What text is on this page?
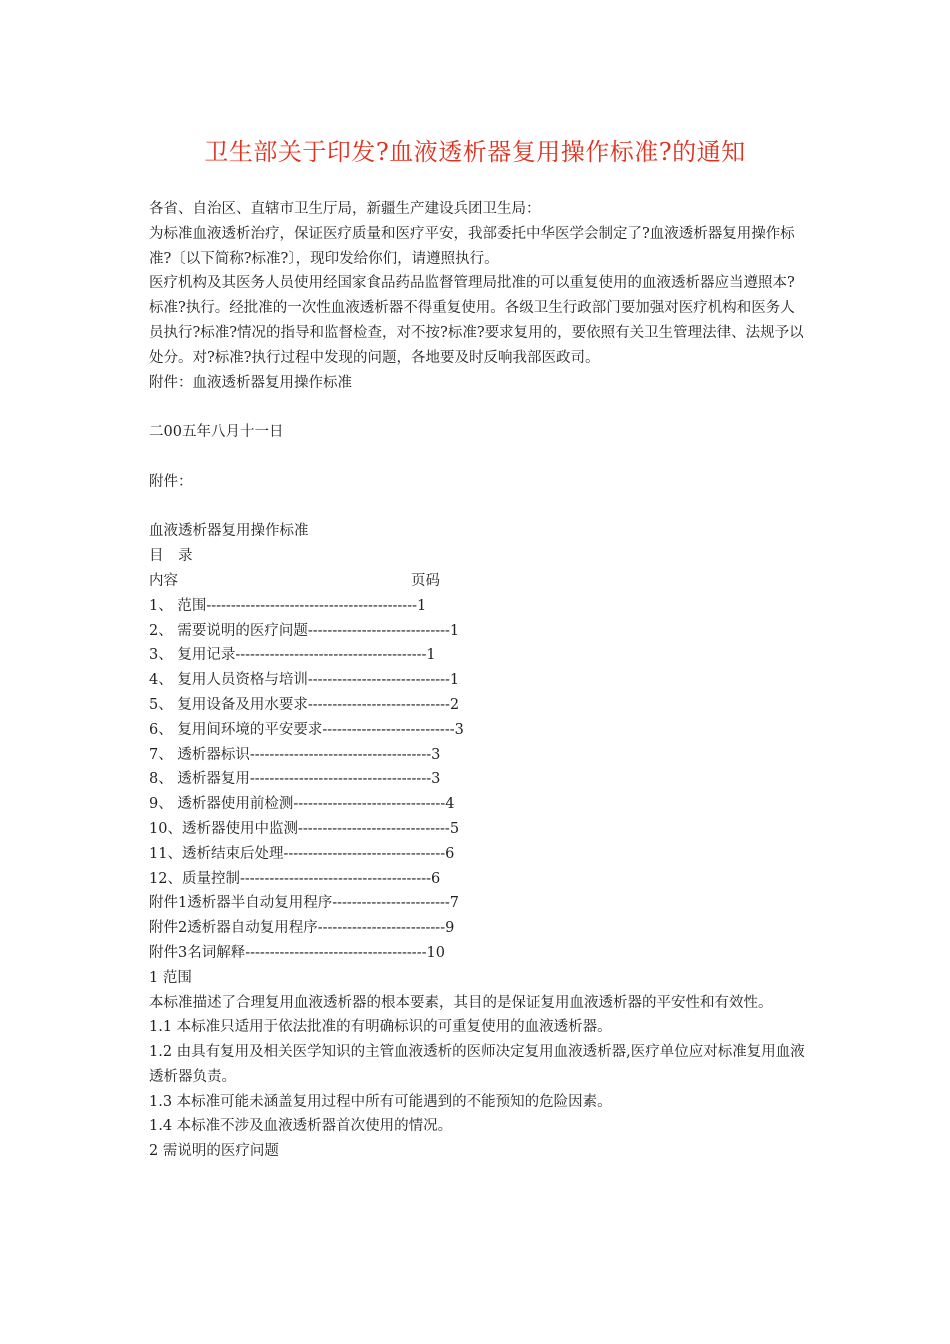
卫生部关于印发?血液透析器复用操作标准?的通知

各省、自治区、直辖市卫生厅局，新疆生产建设兵团卫生局：

为标准血液透析治疗，保证医疗质量和医疗平安，我部委托中华医学会制定了?血液透析器复用操作标准?〔以下简称?标准?〕，现印发给你们，请遵照执行。

医疗机构及其医务人员使用经国家食品药品监督管理局批准的可以重复使用的血液透析器应当遵照本?标准?执行。经批准的一次性血液透析器不得重复使用。各级卫生行政部门要加强对医疗机构和医务人员执行?标准?情况的指导和监督检查，对不按?标准?要求复用的，要依照有关卫生管理法律、法规予以处分。对?标准?执行过程中发现的问题，各地要及时反响我部医政司。

附件：血液透析器复用操作标准

二00五年八月十一日

附件：

血液透析器复用操作标准

目　录

内容	页码

1、 范围-------------------------------------------1

2、 需要说明的医疗问题-----------------------------1

3、 复用记录---------------------------------------1

4、 复用人员资格与培训-----------------------------1

5、 复用设备及用水要求-----------------------------2

6、 复用间环境的平安要求---------------------------3

7、 透析器标识-------------------------------------3

8、 透析器复用-------------------------------------3

9、 透析器使用前检测-------------------------------4

10、透析器使用中监测-------------------------------5

11、透析结束后处理---------------------------------6

12、质量控制---------------------------------------6

附件1透析器半自动复用程序------------------------7

附件2透析器自动复用程序--------------------------9

附件3名词解释-------------------------------------10

1 范围

本标准描述了合理复用血液透析器的根本要素，其目的是保证复用血液透析器的平安性和有效性。

1.1 本标准只适用于依法批准的有明确标识的可重复使用的血液透析器。

1.2 由具有复用及相关医学知识的主管血液透析的医师决定复用血液透析器,医疗单位应对标准复用血液透析器负责。

1.3 本标准可能未涵盖复用过程中所有可能遇到的不能预知的危险因素。

1.4 本标准不涉及血液透析器首次使用的情况。

2 需说明的医疗问题
